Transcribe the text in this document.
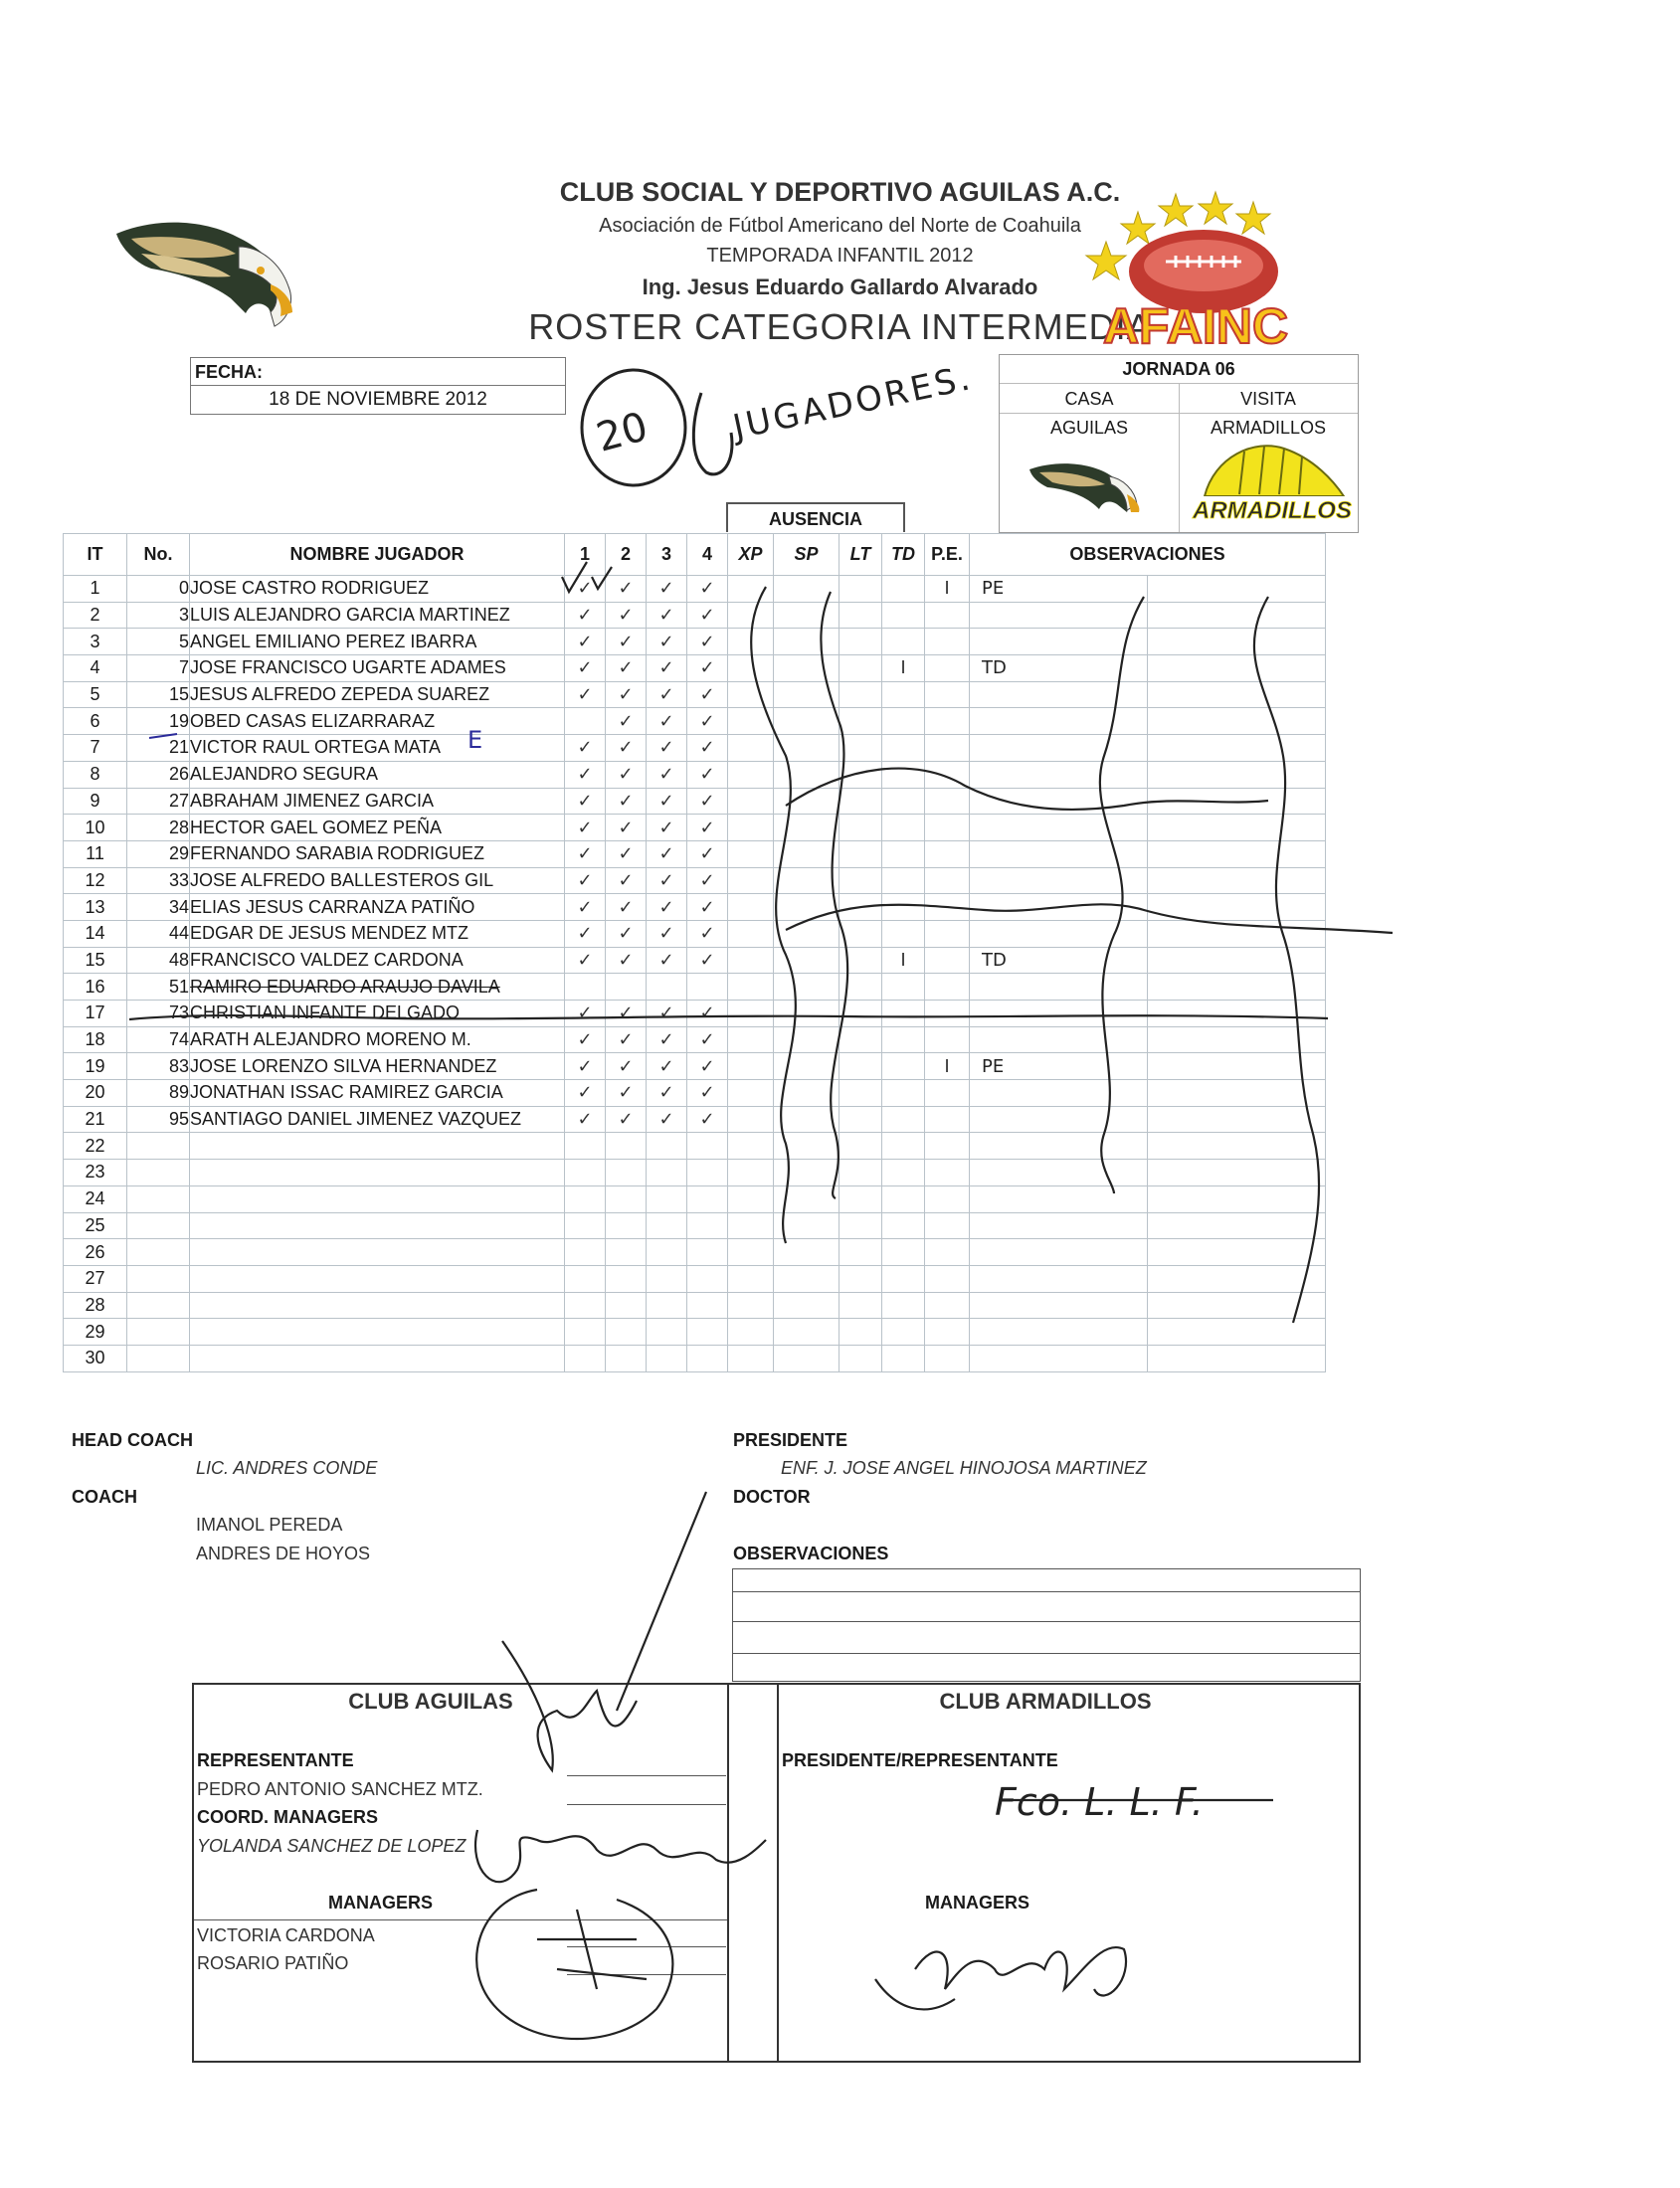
CLUB SOCIAL Y DEPORTIVO AGUILAS A.C.
Asociación de Fútbol Americano del Norte de Coahuila
TEMPORADA INFANTIL 2012
Ing. Jesus Eduardo Gallardo Alvarado
ROSTER CATEGORIA INTERMEDIA
AFAINC
FECHA:
18 DE NOVIEMBRE 2012
20 JUGADORES.	JORNADA 06
CASA	VISITA
AGUILAS	ARMADILLOS
ARMADILLOS
AUSENCIA
IT	No.	NOMBRE JUGADOR	1	2	3	4	XP	SP	LT	TD	P.E.	OBSERVACIONES	
1	0	JOSE CASTRO RODRIGUEZ	✓	✓	✓	✓					I	PE	
2	3	LUIS ALEJANDRO GARCIA MARTINEZ	✓	✓	✓	✓							
3	5	ANGEL EMILIANO PEREZ IBARRA	✓	✓	✓	✓							
4	7	JOSE FRANCISCO UGARTE ADAMES	✓	✓	✓	✓				I		TD	
5	15	JESUS ALFREDO ZEPEDA SUAREZ	✓	✓	✓	✓							
6	19	OBED CASAS ELIZARRARAZ		✓	✓	✓							
7	21	VICTOR RAUL ORTEGA MATA	✓	✓	✓	✓							
8	26	ALEJANDRO SEGURA	✓	✓	✓	✓							
9	27	ABRAHAM JIMENEZ GARCIA	✓	✓	✓	✓							
10	28	HECTOR GAEL GOMEZ PEÑA	✓	✓	✓	✓							
11	29	FERNANDO SARABIA RODRIGUEZ	✓	✓	✓	✓							
12	33	JOSE ALFREDO BALLESTEROS GIL	✓	✓	✓	✓							
13	34	ELIAS JESUS CARRANZA PATIÑO	✓	✓	✓	✓							
14	44	EDGAR DE JESUS MENDEZ MTZ	✓	✓	✓	✓							
15	48	FRANCISCO VALDEZ CARDONA	✓	✓	✓	✓				I		TD	
16	51	RAMIRO EDUARDO ARAUJO DAVILA											
17	73	CHRISTIAN INFANTE DELGADO	✓	✓	✓	✓							
18	74	ARATH ALEJANDRO MORENO M.	✓	✓	✓	✓							
19	83	JOSE LORENZO SILVA HERNANDEZ	✓	✓	✓	✓					I	PE	
20	89	JONATHAN ISSAC RAMIREZ GARCIA	✓	✓	✓	✓							
21	95	SANTIAGO DANIEL JIMENEZ VAZQUEZ	✓	✓	✓	✓							
22													
23													
24													
25													
26													
27													
28													
29													
30													
E
HEAD COACH
LIC. ANDRES CONDE
COACH
IMANOL PEREDA
ANDRES DE HOYOS
PRESIDENTE
ENF. J. JOSE ANGEL HINOJOSA MARTINEZ
DOCTOR
OBSERVACIONES
CLUB AGUILAS
REPRESENTANTE
PEDRO ANTONIO SANCHEZ MTZ.
COORD. MANAGERS
YOLANDA SANCHEZ DE LOPEZ
MANAGERS
VICTORIA CARDONA
ROSARIO PATIÑO
CLUB ARMADILLOS
PRESIDENTE/REPRESENTANTE
MANAGERS
Fco. L. L. F.
